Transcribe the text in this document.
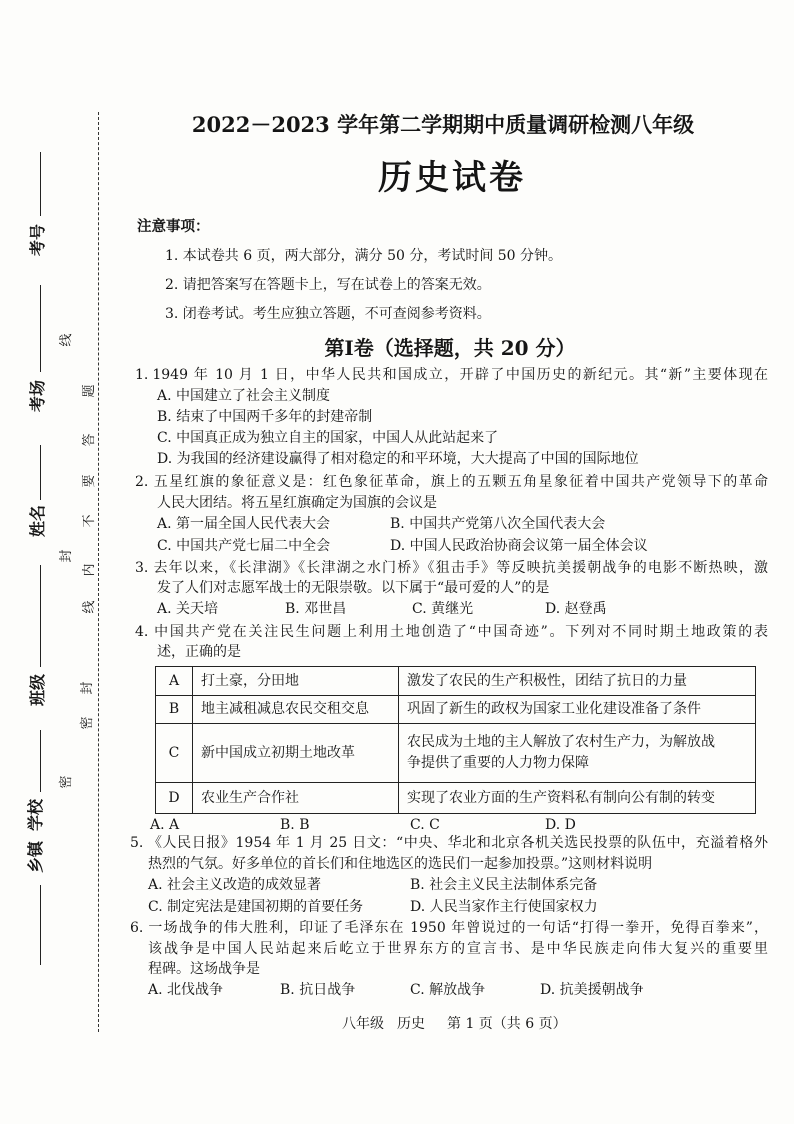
考号
考场
姓名
班级
学校
乡镇
密
封
线
密
封
线
内
不
要
答
题
2022－2023 学年第二学期期中质量调研检测八年级
历史试卷
注意事项：
1. 本试卷共 6 页，两大部分，满分 50 分，考试时间 50 分钟。
2. 请把答案写在答题卡上，写在试卷上的答案无效。
3. 闭卷考试。考生应独立答题，不可查阅参考资料。
第Ⅰ卷（选择题，共 20 分）
1. 1949 年 10 月 1 日，中华人民共和国成立，开辟了中国历史的新纪元。其“新”主要体现在
A. 中国建立了社会主义制度
B. 结束了中国两千多年的封建帝制
C. 中国真正成为独立自主的国家，中国人从此站起来了
D. 为我国的经济建设赢得了相对稳定的和平环境，大大提高了中国的国际地位
2. 五星红旗的象征意义是：红色象征革命，旗上的五颗五角星象征着中国共产党领导下的革命
人民大团结。将五星红旗确定为国旗的会议是
A. 第一届全国人民代表大会	B. 中国共产党第八次全国代表大会
C. 中国共产党七届二中全会	D. 中国人民政治协商会议第一届全体会议
3. 去年以来，《长津湖》《长津湖之水门桥》《狙击手》等反映抗美援朝战争的电影不断热映，激
发了人们对志愿军战士的无限崇敬。以下属于“最可爱的人”的是
A. 关天培	B. 邓世昌	C. 黄继光	D. 赵登禹
4. 中国共产党在关注民生问题上利用土地创造了“中国奇迹”。下列对不同时期土地政策的表
述，正确的是
A	打土豪，分田地	激发了农民的生产积极性，团结了抗日的力量

B	地主减租减息农民交租交息	巩固了新生的政权为国家工业化建设准备了条件

C	新中国成立初期土地改革	农民成为土地的主人解放了农村生产力，为解放战
争提供了重要的人力物力保障

D	农业生产合作社	实现了农业方面的生产资料私有制向公有制的转变
A. A	B. B	C. C	D. D
5. 《人民日报》1954 年 1 月 25 日文：“中央、华北和北京各机关选民投票的队伍中，充溢着格外
热烈的气氛。好多单位的首长们和住地选区的选民们一起参加投票。”这则材料说明
A. 社会主义改造的成效显著	B. 社会主义民主法制体系完备
C. 制定宪法是建国初期的首要任务	D. 人民当家作主行使国家权力
6. 一场战争的伟大胜利，印证了毛泽东在 1950 年曾说过的一句话“打得一拳开，免得百拳来”，
该战争是中国人民站起来后屹立于世界东方的宣言书、是中华民族走向伟大复兴的重要里
程碑。这场战争是
A. 北伐战争	B. 抗日战争	C. 解放战争	D. 抗美援朝战争
八年级 历史 第 1 页（共 6 页）
